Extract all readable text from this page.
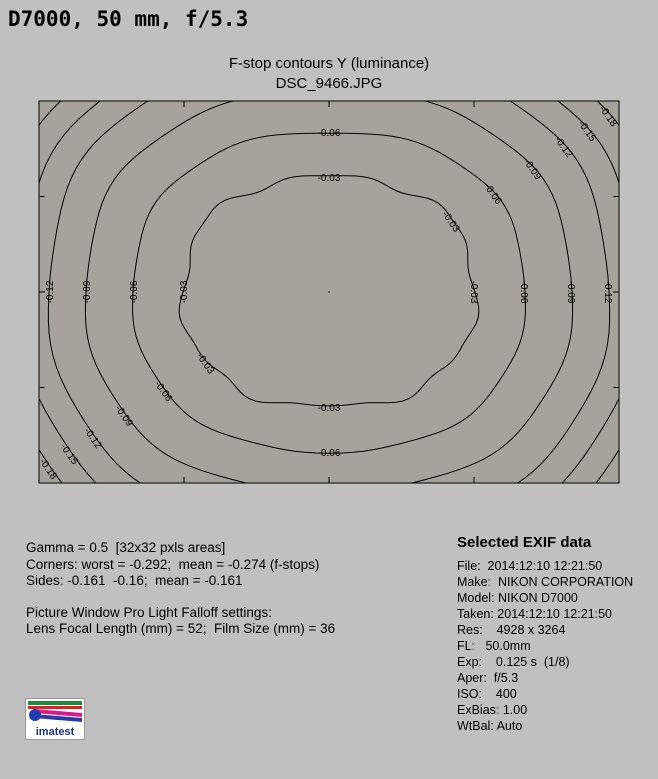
D7000, 50 mm, f/5.3
F-stop contours Y (luminance)
DSC_9466.JPG
-0.03
-0.03
-0.03
-0.03
-0.03
-0.03
-0.06
-0.06
-0.06
-0.06
-0.06
-0.06
-0.09
-0.09
-0.09
-0.09
-0.12
-0.12
-0.12
-0.12
-0.15
-0.15
-0.18
-0.18
Gamma = 0.5  [32x32 pxls areas]
Corners: worst = -0.292;  mean = -0.274 (f-stops)
Sides: -0.161  -0.16;  mean = -0.161
Picture Window Pro Light Falloff settings:
Lens Focal Length (mm) = 52;  Film Size (mm) = 36
Selected EXIF data
File:  2014:12:10 12:21:50
Make:  NIKON CORPORATION
Model: NIKON D7000
Taken: 2014:12:10 12:21:50
Res:    4928 x 3264
FL:   50.0mm
Exp:    0.125 s  (1/8)
Aper:  f/5.3
ISO:    400
ExBias: 1.00
WtBal: Auto
imatest
